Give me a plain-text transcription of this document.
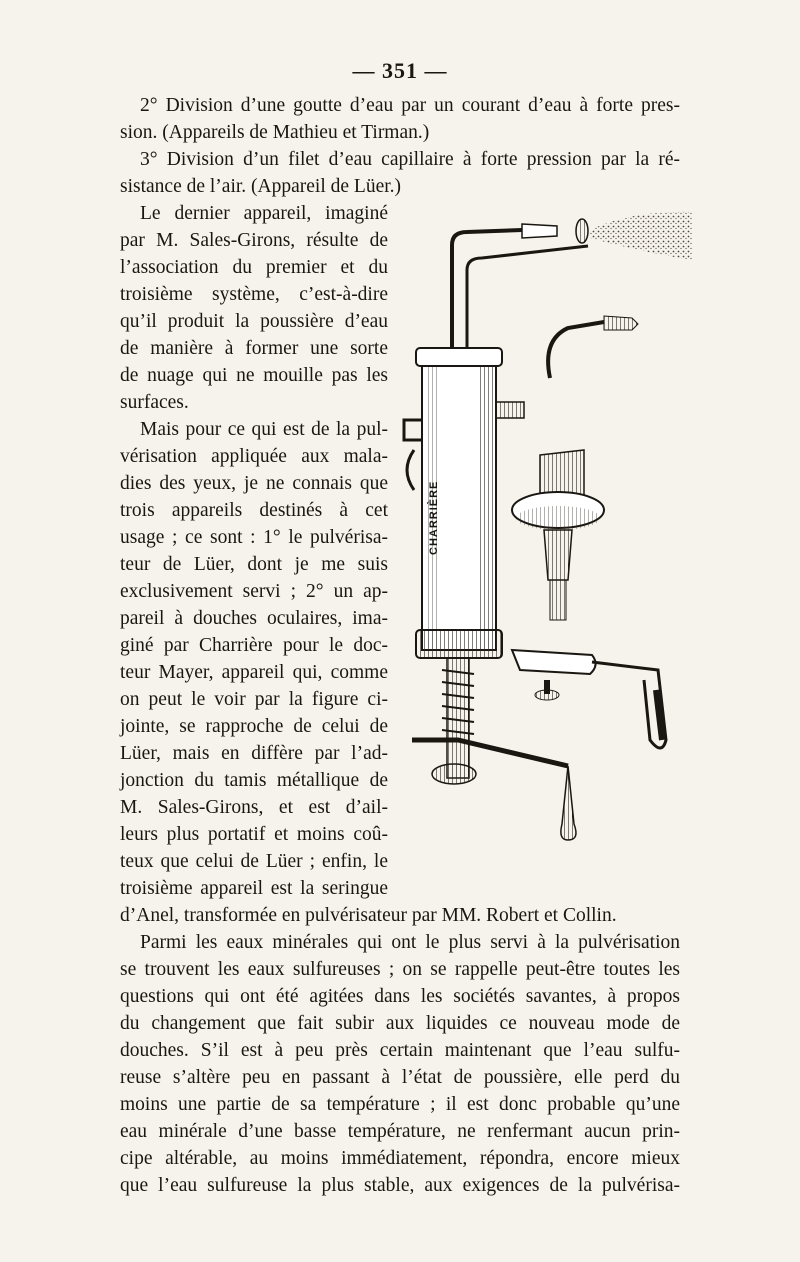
— 351 —
2° Division d’une goutte d’eau par un courant d’eau à forte pres-
sion. (Appareils de Mathieu et Tirman.)
3° Division d’un filet d’eau capillaire à forte pression par la ré-
sistance de l’air. (Appareil de Lüer.)
Le dernier appareil, imaginé
par M. Sales-Girons, résulte de
l’association du premier et du
troisième système, c’est-à-dire
qu’il produit la poussière d’eau
de manière à former une sorte
de nuage qui ne mouille pas les
surfaces.
Mais pour ce qui est de la pul-
vérisation appliquée aux mala-
dies des yeux, je ne connais que
trois appareils destinés à cet
usage ; ce sont : 1° le pulvérisa-
teur de Lüer, dont je me suis
exclusivement servi ; 2° un ap-
pareil à douches oculaires, ima-
giné par Charrière pour le doc-
teur Mayer, appareil qui, comme
on peut le voir par la figure ci-
jointe, se rapproche de celui de
Lüer, mais en diffère par l’ad-
jonction du tamis métallique de
M. Sales-Girons, et est d’ail-
leurs plus portatif et moins coû-
teux que celui de Lüer ; enfin, le
troisième appareil est la seringue
d’Anel, transformée en pulvérisateur par MM. Robert et Collin.
Parmi les eaux minérales qui ont le plus servi à la pulvérisation
se trouvent les eaux sulfureuses ; on se rappelle peut-être toutes les
questions qui ont été agitées dans les sociétés savantes, à propos
du changement que fait subir aux liquides ce nouveau mode de
douches. S’il est à peu près certain maintenant que l’eau sulfu-
reuse s’altère peu en passant à l’état de poussière, elle perd du
moins une partie de sa température ; il est donc probable qu’une
eau minérale d’une basse température, ne renfermant aucun prin-
cipe altérable, au moins immédiatement, répondra, encore mieux
que l’eau sulfureuse la plus stable, aux exigences de la pulvérisa-
CHARRIÈRE
